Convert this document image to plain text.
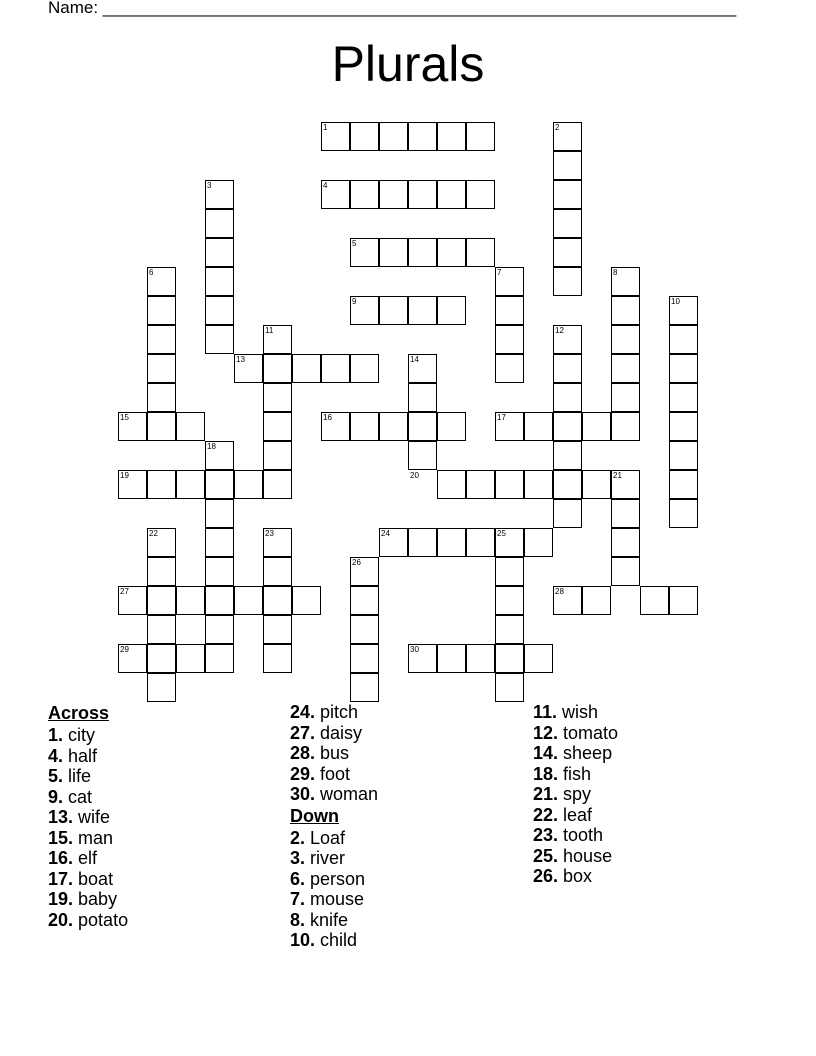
Name: ___________________________________________________________________
Plurals
1	2
3	4
5
6	7	8
9	10
11	12
13	14
15	16	17
18
19	20	21
22	23	24	25
26
27	28
29	30
Across
1. city
4. half
5. life
9. cat
13. wife
15. man
16. elf
17. boat
19. baby
20. potato
24. pitch
27. daisy
28. bus
29. foot
30. woman
Down
2. Loaf
3. river
6. person
7. mouse
8. knife
10. child
11. wish
12. tomato
14. sheep
18. fish
21. spy
22. leaf
23. tooth
25. house
26. box
